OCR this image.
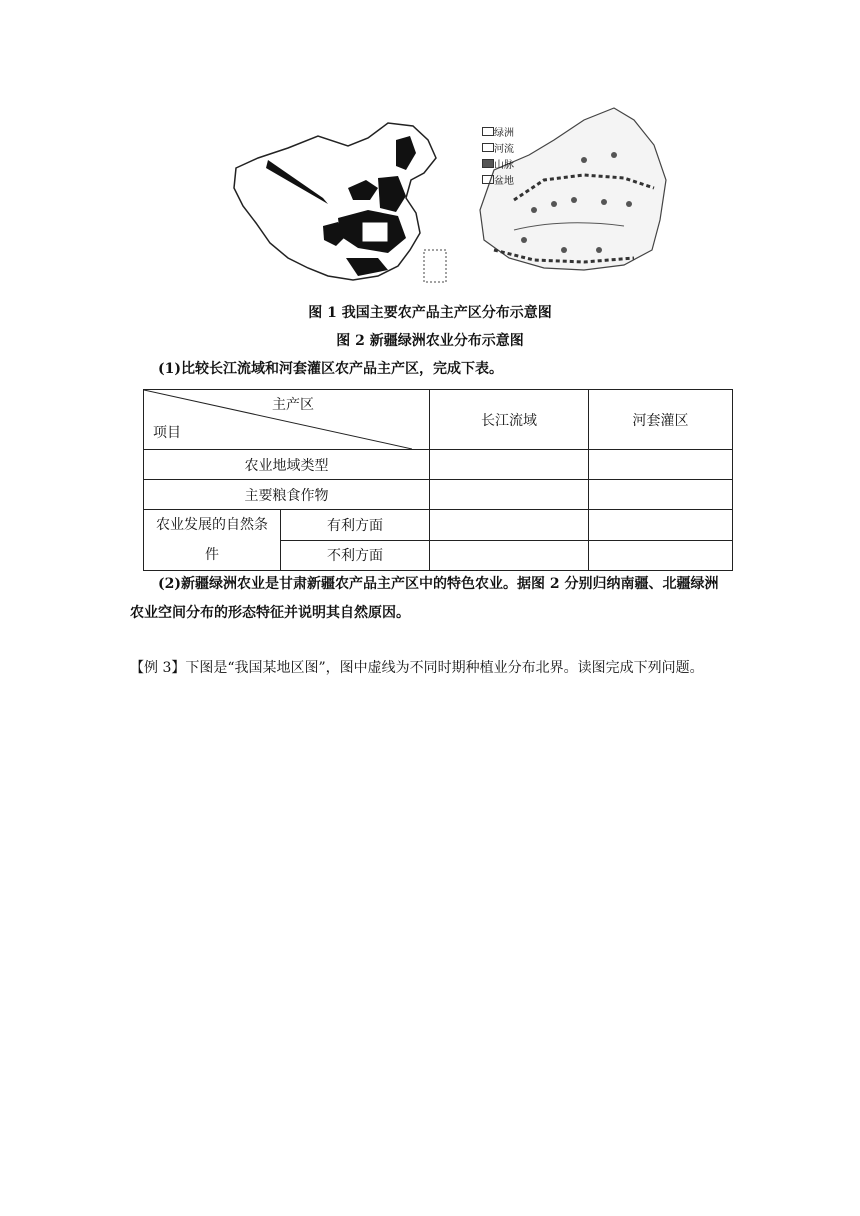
绿洲
河流
山脉
盆地
图 1 我国主要农产品主产区分布示意图
图 2 新疆绿洲农业分布示意图
(1)比较长江流域和河套灌区农产品主产区，完成下表。
主产区
项目		长江流域	河套灌区
农业地域类型			
主要粮食作物			
农业发展的自然条件	有利方面		
	不利方面		
(2)新疆绿洲农业是甘肃新疆农产品主产区中的特色农业。据图 2 分别归纳南疆、北疆绿洲农业空间分布的形态特征并说明其自然原因。
【例 3】下图是“我国某地区图”，图中虚线为不同时期种植业分布北界。读图完成下列问题。
